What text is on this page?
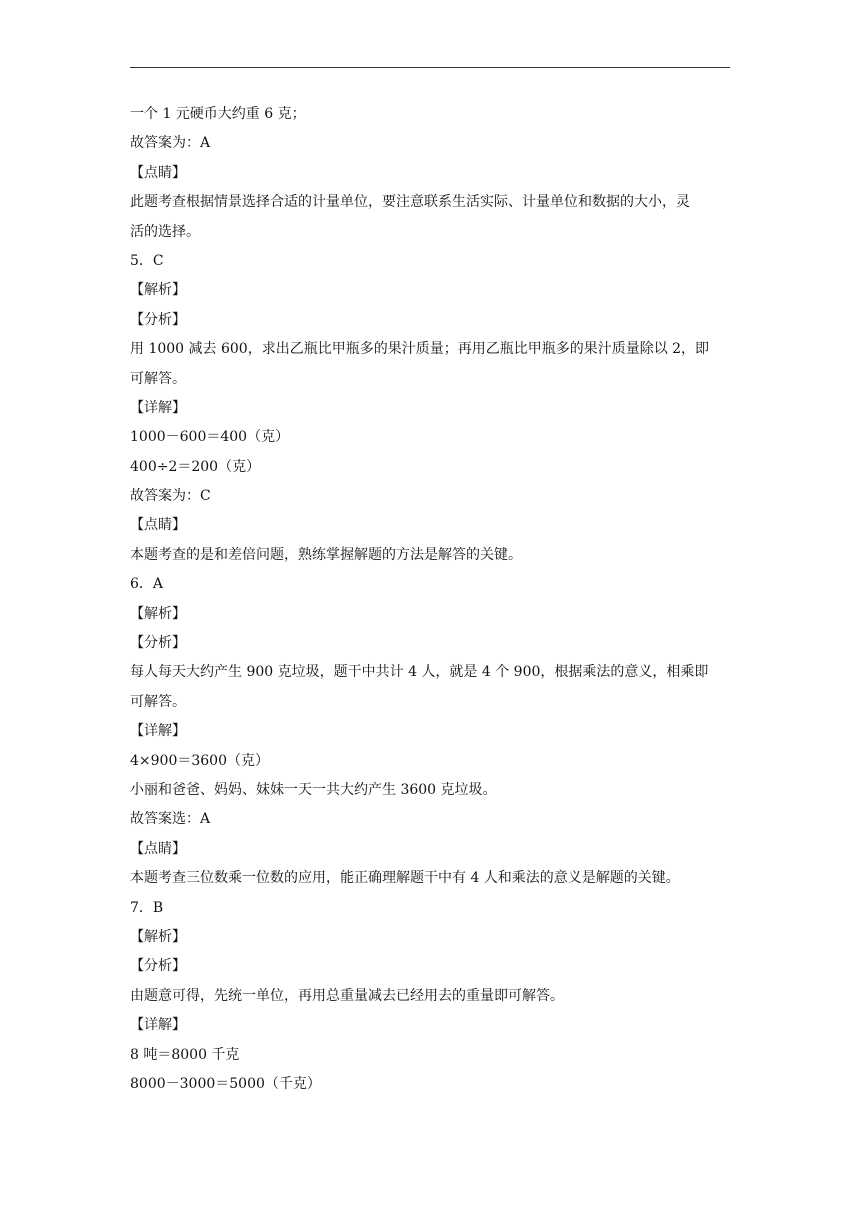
一个 1 元硬币大约重 6 克；
故答案为：A
【点睛】
此题考查根据情景选择合适的计量单位，要注意联系生活实际、计量单位和数据的大小，灵
活的选择。
5．C
【解析】
【分析】
用 1000 减去 600，求出乙瓶比甲瓶多的果汁质量；再用乙瓶比甲瓶多的果汁质量除以 2，即
可解答。
【详解】
1000－600＝400（克）
400÷2＝200（克）
故答案为：C
【点睛】
本题考查的是和差倍问题，熟练掌握解题的方法是解答的关键。
6．A
【解析】
【分析】
每人每天大约产生 900 克垃圾，题干中共计 4 人，就是 4 个 900，根据乘法的意义，相乘即
可解答。
【详解】
4×900＝3600（克）
小丽和爸爸、妈妈、妹妹一天一共大约产生 3600 克垃圾。
故答案选：A
【点睛】
本题考查三位数乘一位数的应用，能正确理解题干中有 4 人和乘法的意义是解题的关键。
7．B
【解析】
【分析】
由题意可得，先统一单位，再用总重量减去已经用去的重量即可解答。
【详解】
8 吨＝8000 千克
8000－3000＝5000（千克）
